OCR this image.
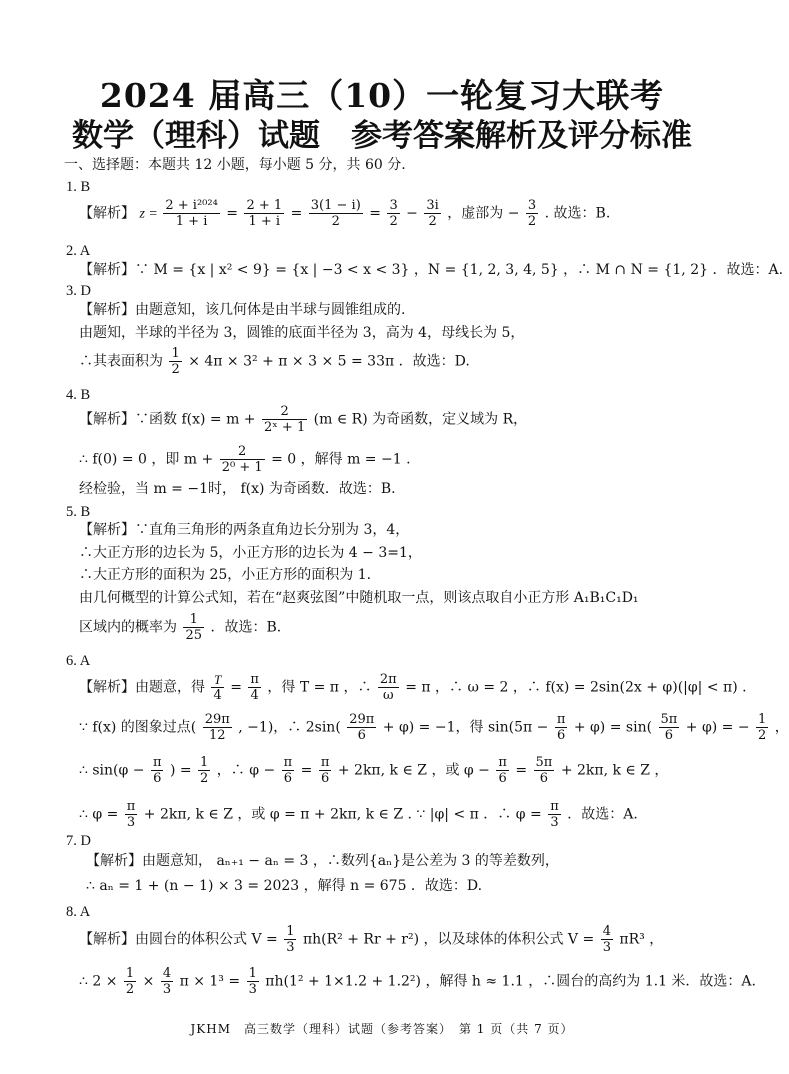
2024 届高三（10）一轮复习大联考
数学（理科）试题　参考答案解析及评分标准
一、选择题：本题共 12 小题，每小题 5 分，共 60 分.
1. B
【解析】 $z = \frac{\text{2 + i²⁰²⁴}}{1 + i} = \frac{2 + 1}{1 + i} = \frac{3(1 - i)}{2} = \frac{3}{2} - \frac{3i}{2}$ ，虚部为 − $\frac{3}{2}$ . 故选：B.
2. A
【解析】∵ M = {x | x² < 9} = {x | −3 < x < 3} ，N = {1, 2, 3, 4, 5} ，∴ M ∩ N = {1, 2} ．故选：A.
3. D
【解析】由题意知，该几何体是由半球与圆锥组成的.
由题知，半球的半径为 3，圆锥的底面半径为 3，高为 4，母线长为 5，
∴其表面积为 $\frac{1}{2} \times 4\pi \times 3^2 + \pi \times 3 \times 5 = 33\pi$ ．故选：D.
4. B
【解析】∵函数 $f(x) = m + \frac{2}{\text{2ˣ + 1}} (m$ ∈ R) 为奇函数，定义域为 R，
∴ f(0) = 0 ，即 $m + \frac{2}{\text{2⁰ + 1}} = 0$ ，解得 m = −1 .
经检验，当 m = −1时， f(x) 为奇函数．故选：B.
5. B
【解析】∵直角三角形的两条直角边长分别为 3，4，
∴大正方形的边长为 5，小正方形的边长为 4 − 3=1，
∴大正方形的面积为 25，小正方形的面积为 1.
由几何概型的计算公式知，若在“赵爽弦图”中随机取一点，则该点取自小正方形 A₁B₁C₁D₁
区域内的概率为 $\frac{1}{25}$ ．故选：B.
6. A
【解析】由题意，得 $\frac{T}{4} = \frac{\pi}{4}$ ，得 T = π ，∴ $\frac{2\pi}{\omega} = \pi$ ，∴ ω = 2 ，∴ f(x) = 2sin(2x + φ)(|φ| < π) .
∵ f(x) 的图象过点( $\frac{29\pi}{12}$ , −1)，∴ $2\sin( \frac{29\pi}{6} + \varphi) = -1$，得 $\sin(5\pi - \frac{\pi}{6} + \varphi) = \sin( \frac{5\pi}{6} + \varphi)$ = − $\frac{1}{2}$ ，
∴ $\sin(\varphi - \frac{\pi}{6}$ ) = $\frac{1}{2}$ ，∴ $\varphi - \frac{\pi}{6} = \frac{\pi}{6} + 2k\pi$, k ∈ Z ，或 $\varphi - \frac{\pi}{6} = \frac{5\pi}{6} + 2k\pi$, k ∈ Z ，
∴ $\varphi = \frac{\pi}{3} + 2k\pi$, k ∈ Z ，或 φ = π + 2kπ, k ∈ Z . ∵ |φ| < π ．∴ $\varphi = \frac{\pi}{3}$ ．故选：A.
7. D
【解析】由题意知， aₙ₊₁ − aₙ = 3 ，∴数列{aₙ}是公差为 3 的等差数列，
∴ aₙ = 1 + (n − 1) × 3 = 2023 ，解得 n = 675 ．故选：D.
8. A
【解析】由圆台的体积公式 $V = \frac{1}{3} \pi h(R^2 + Rr + r^2)$ ，以及球体的体积公式 $V = \frac{4}{3} \pi R^3$ ，
∴ $2 \times \frac{1}{2} \times \frac{4}{3}$ $\pi \times 1^3 = \frac{1}{3} \pi h(1^2 + 1\times 1.2 + 1.2^2)$ ，解得 h ≈ 1.1 ，∴圆台的高约为 1.1 米．故选：A.
JKHM　高三数学（理科）试题（参考答案）　第 1 页（共 7 页）
